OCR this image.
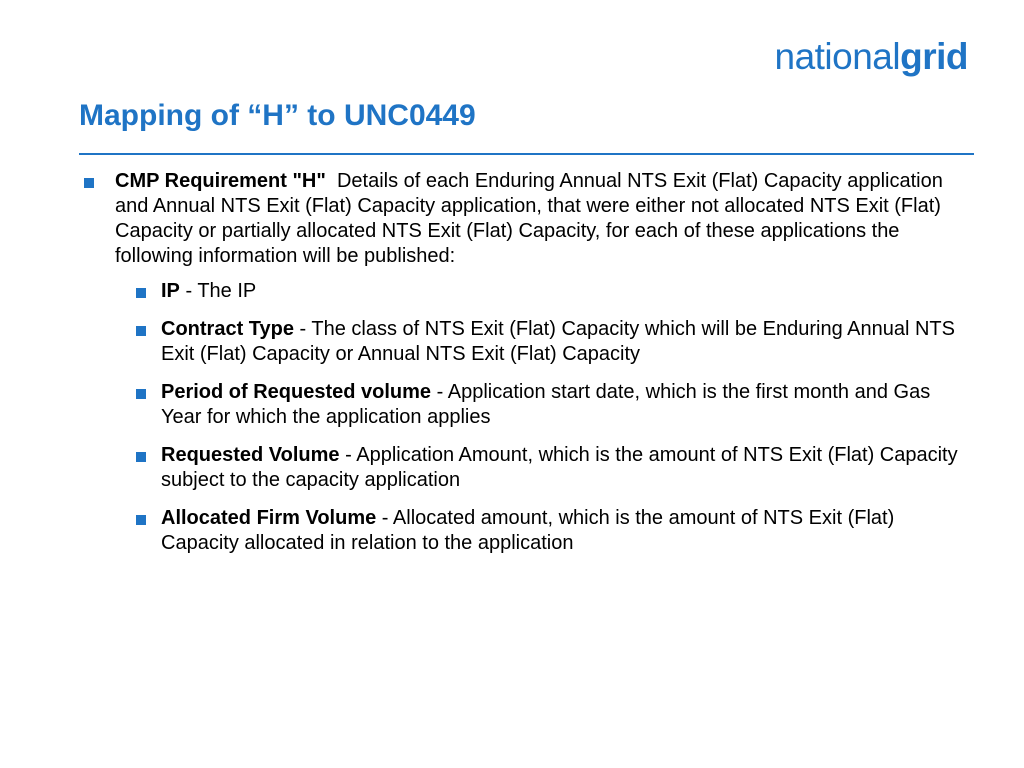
nationalgrid
Mapping of “H” to UNC0449
CMP Requirement "H" Details of each Enduring Annual NTS Exit (Flat) Capacity application and Annual NTS Exit (Flat) Capacity application, that were either not allocated NTS Exit (Flat) Capacity or partially allocated NTS Exit (Flat) Capacity, for each of these applications the following information will be published:
IP - The IP
Contract Type - The class of NTS Exit (Flat) Capacity which will be Enduring Annual NTS Exit (Flat) Capacity or Annual NTS Exit (Flat) Capacity
Period of Requested volume - Application start date, which is the first month and Gas Year for which the application applies
Requested Volume - Application Amount, which is the amount of NTS Exit (Flat) Capacity subject to the capacity application
Allocated Firm Volume - Allocated amount, which is the amount of NTS Exit (Flat) Capacity allocated in relation to the application
